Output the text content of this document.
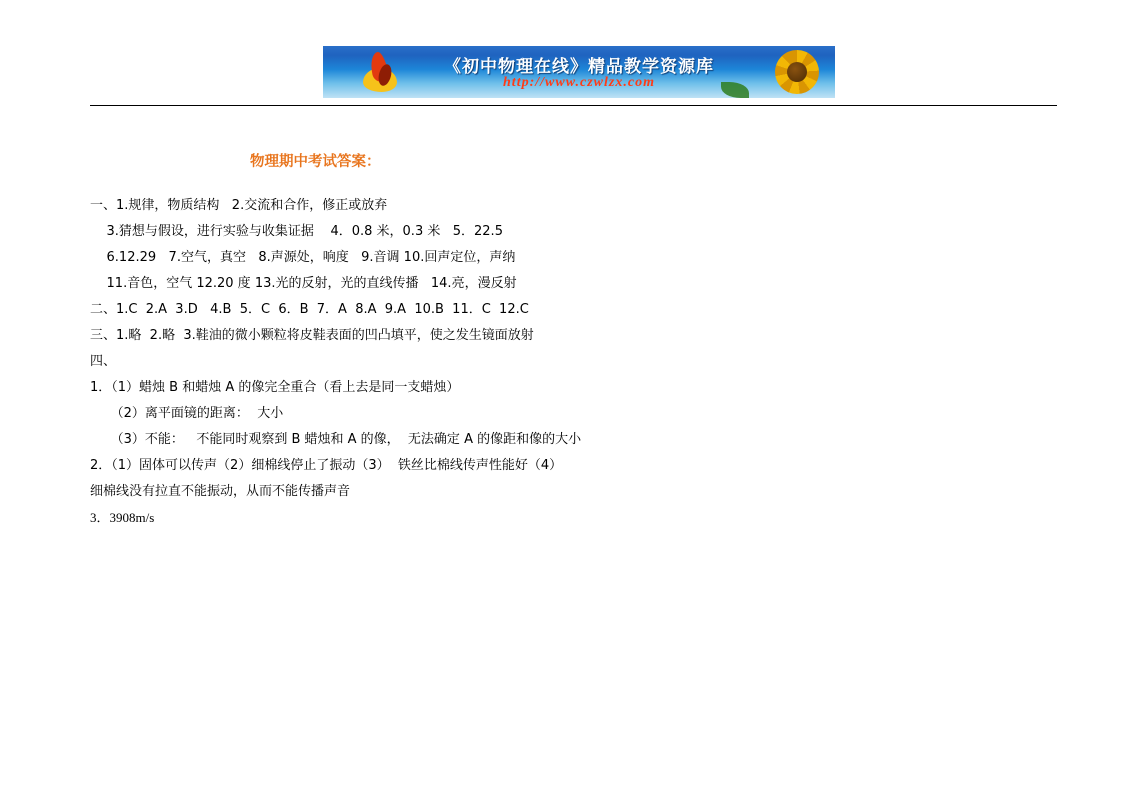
《初中物理在线》精品教学资源库
http://www.czwlzx.com
物理期中考试答案：
一、1.规律，物质结构   2.交流和合作，修正或放弃
3.猜想与假设，进行实验与收集证据    4．0.8 米，0.3 米   5．22.5
6.12.29   7.空气，真空   8.声源处，响度   9.音调 10.回声定位，声纳
11.音色，空气 12.20 度 13.光的反射，光的直线传播   14.亮，漫反射
二、1.C  2.A  3.D   4.B  5．C  6．B  7．A  8.A  9.A  10.B  11．C  12.C
三、1.略  2.略  3.鞋油的微小颗粒将皮鞋表面的凹凸填平，使之发生镜面放射
四、
1．（1）蜡烛 B 和蜡烛 A 的像完全重合（看上去是同一支蜡烛）
（2）离平面镜的距离：  大小
（3）不能：   不能同时观察到 B 蜡烛和 A 的像，  无法确定 A 的像距和像的大小
2．（1）固体可以传声（2）细棉线停止了振动（3）  铁丝比棉线传声性能好（4）
细棉线没有拉直不能振动，从而不能传播声音
3．3908m/s
